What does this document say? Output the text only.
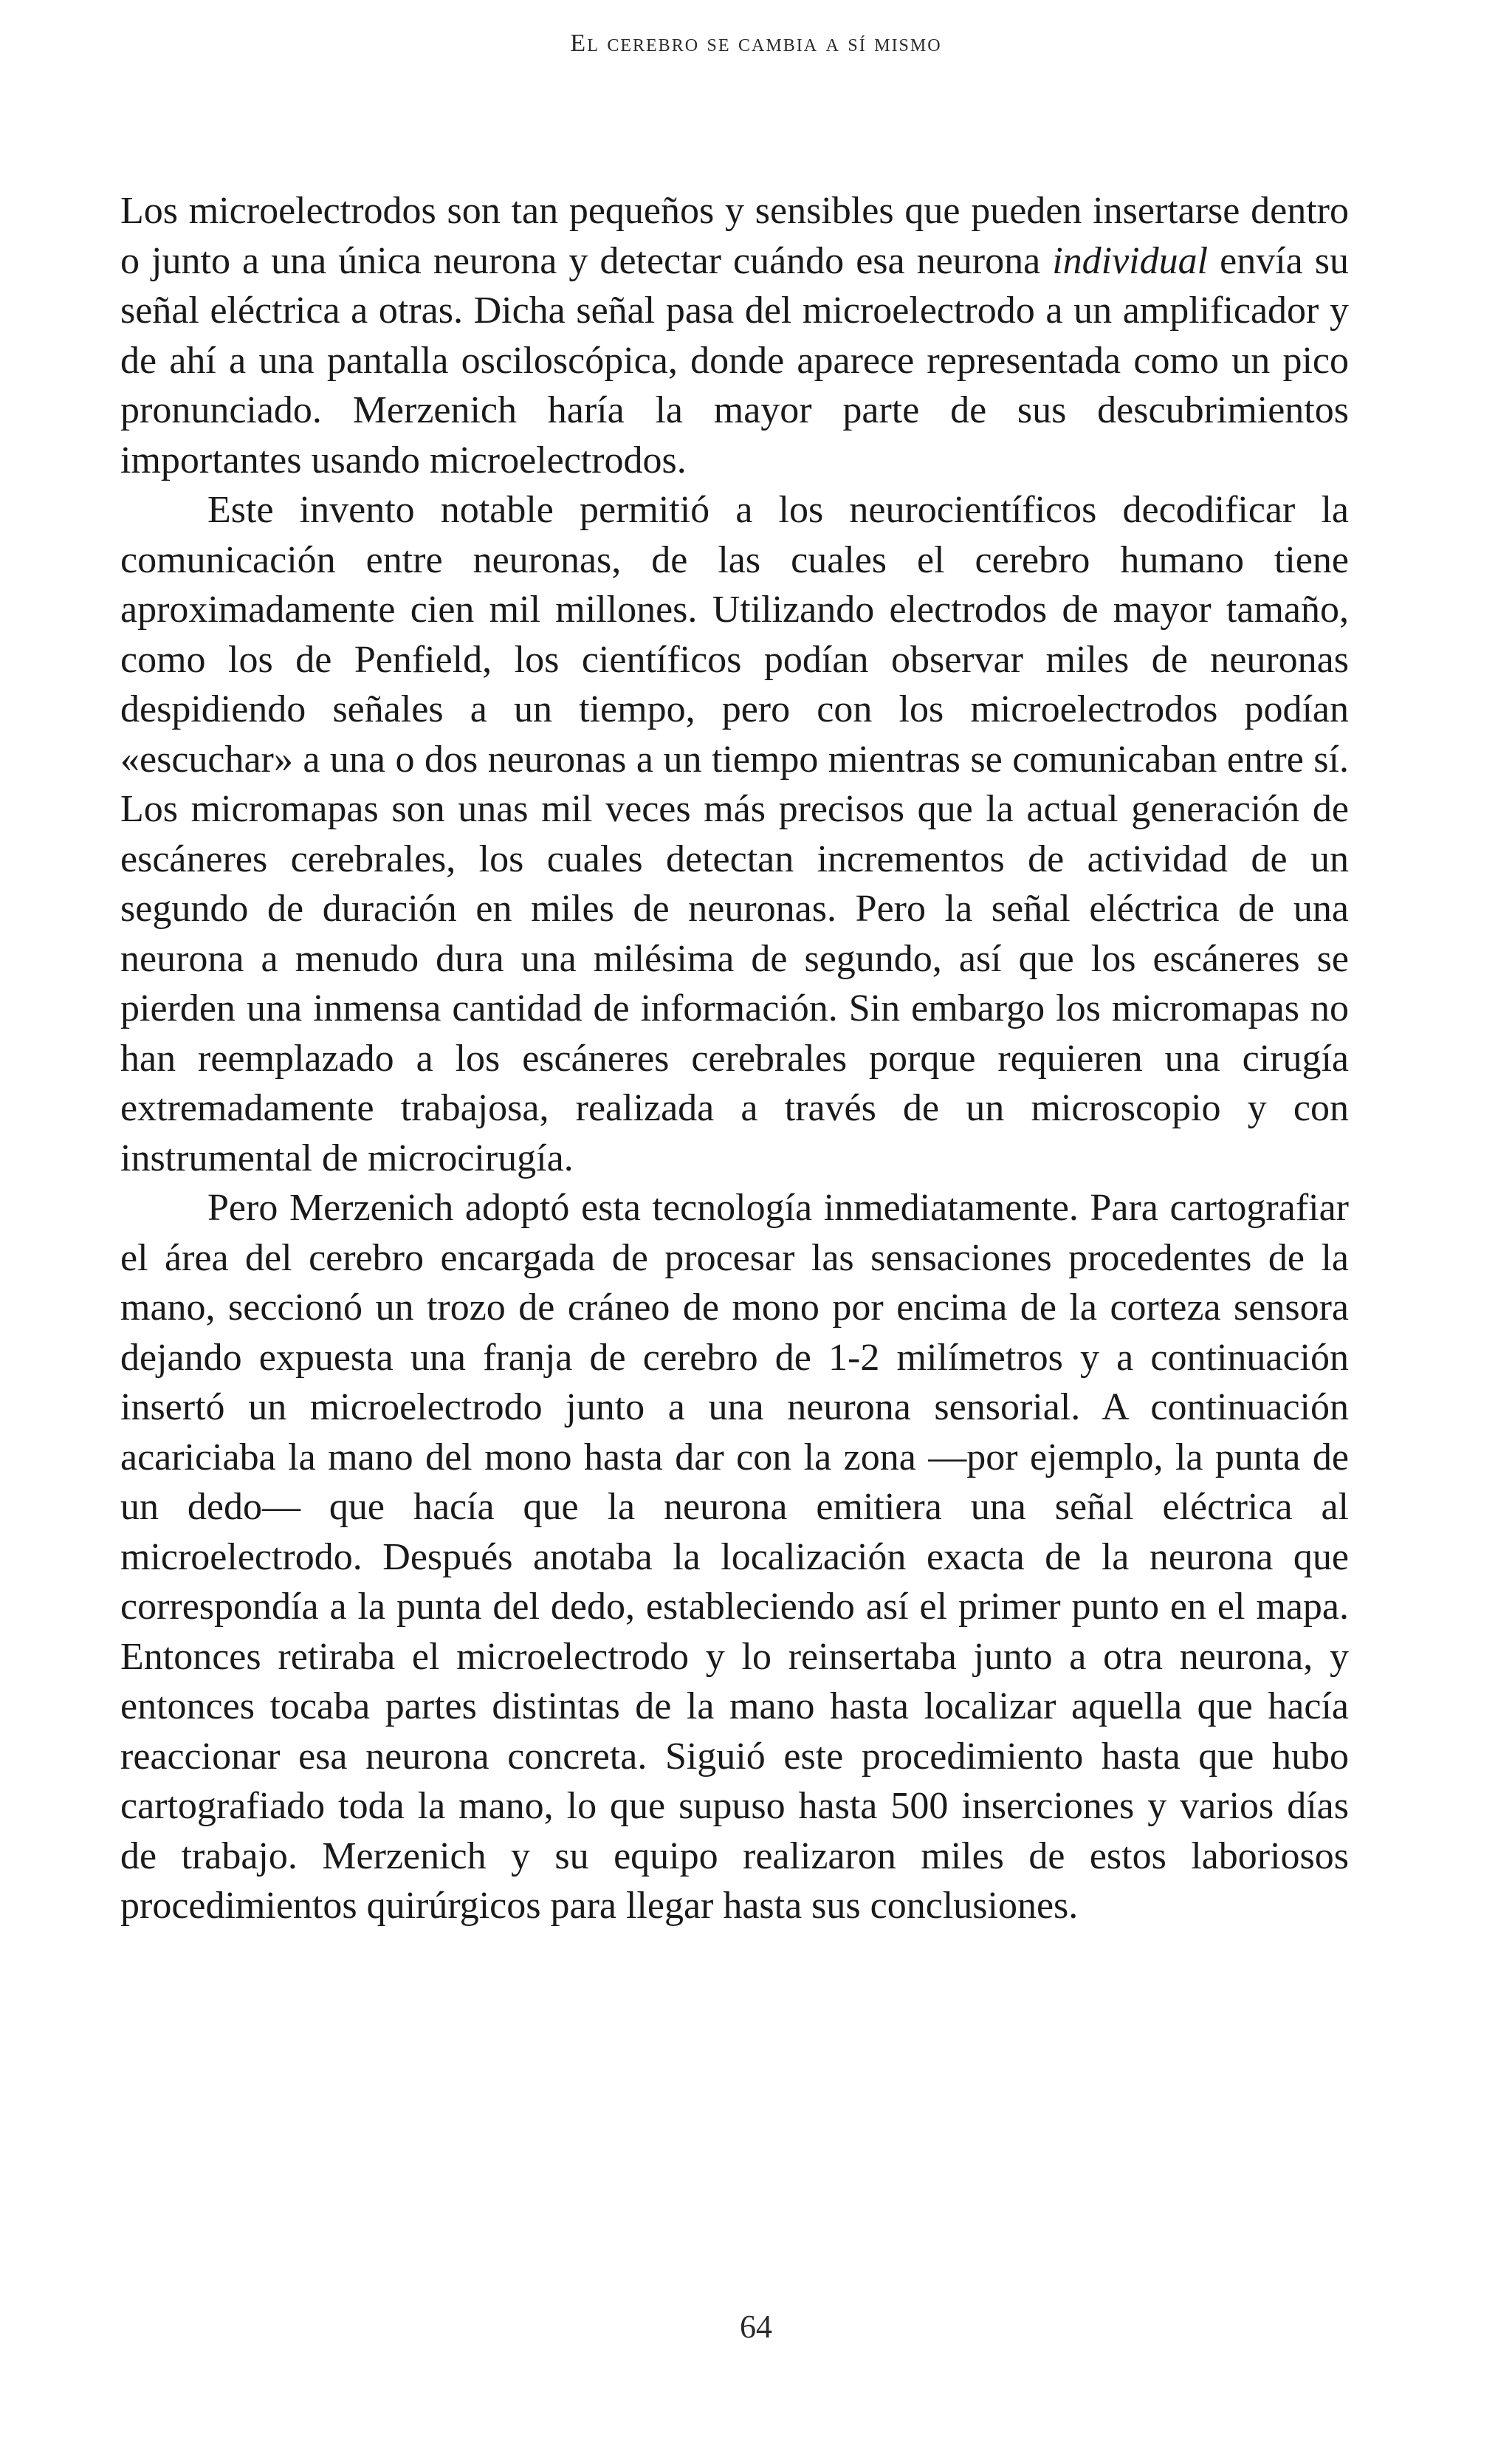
El cerebro se cambia a sí mismo

Los microelectrodos son tan pequeños y sensibles que pueden insertarse dentro o junto a una única neurona y detectar cuándo esa neurona individual envía su señal eléctrica a otras. Dicha señal pasa del microelectrodo a un amplificador y de ahí a una pantalla osciloscópica, donde aparece representada como un pico pronunciado. Merzenich haría la mayor parte de sus descubrimientos importantes usando microelectrodos.

Este invento notable permitió a los neurocientíficos decodificar la comunicación entre neuronas, de las cuales el cerebro humano tiene aproximadamente cien mil millones. Utilizando electrodos de mayor tamaño, como los de Penfield, los científicos podían observar miles de neuronas despidiendo señales a un tiempo, pero con los microelectrodos podían «escuchar» a una o dos neuronas a un tiempo mientras se comunicaban entre sí. Los micromapas son unas mil veces más precisos que la actual generación de escáneres cerebrales, los cuales detectan incrementos de actividad de un segundo de duración en miles de neuronas. Pero la señal eléctrica de una neurona a menudo dura una milésima de segundo, así que los escáneres se pierden una inmensa cantidad de información. Sin embargo los micromapas no han reemplazado a los escáneres cerebrales porque requieren una cirugía extremadamente trabajosa, realizada a través de un microscopio y con instrumental de microcirugía.

Pero Merzenich adoptó esta tecnología inmediatamente. Para cartografiar el área del cerebro encargada de procesar las sensaciones procedentes de la mano, seccionó un trozo de cráneo de mono por encima de la corteza sensora dejando expuesta una franja de cerebro de 1-2 milímetros y a continuación insertó un microelectrodo junto a una neurona sensorial. A continuación acariciaba la mano del mono hasta dar con la zona —por ejemplo, la punta de un dedo— que hacía que la neurona emitiera una señal eléctrica al microelectrodo. Después anotaba la localización exacta de la neurona que correspondía a la punta del dedo, estableciendo así el primer punto en el mapa. Entonces retiraba el microelectrodo y lo reinsertaba junto a otra neurona, y entonces tocaba partes distintas de la mano hasta localizar aquella que hacía reaccionar esa neurona concreta. Siguió este procedimiento hasta que hubo cartografiado toda la mano, lo que supuso hasta 500 inserciones y varios días de trabajo. Merzenich y su equipo realizaron miles de estos laboriosos procedimientos quirúrgicos para llegar hasta sus conclusiones.

64
